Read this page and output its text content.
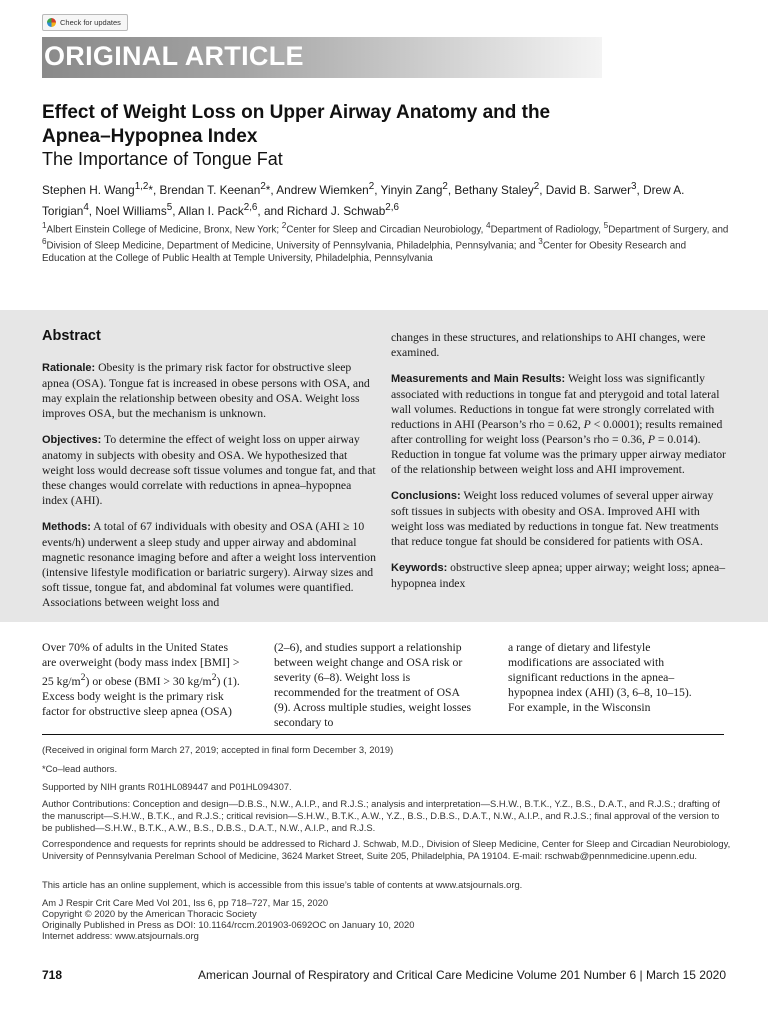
Check for updates
ORIGINAL ARTICLE
Effect of Weight Loss on Upper Airway Anatomy and the
Apnea–Hypopnea Index
The Importance of Tongue Fat
Stephen H. Wang$^{1,2}$*, Brendan T. Keenan$^2$*, Andrew Wiemken$^2$, Yinyin Zang$^2$, Bethany Staley$^2$, David B. Sarwer$^3$, Drew A. Torigian$^4$, Noel Williams$^5$, Allan I. Pack$^{2,6}$, and Richard J. Schwab$^{2,6}$
$^1$Albert Einstein College of Medicine, Bronx, New York; $^2$Center for Sleep and Circadian Neurobiology, $^4$Department of Radiology, $^5$Department of Surgery, and $^6$Division of Sleep Medicine, Department of Medicine, University of Pennsylvania, Philadelphia, Pennsylvania; and $^3$Center for Obesity Research and Education at the College of Public Health at Temple University, Philadelphia, Pennsylvania
Abstract

Rationale: Obesity is the primary risk factor for obstructive sleep apnea (OSA). Tongue fat is increased in obese persons with OSA, and may explain the relationship between obesity and OSA. Weight loss improves OSA, but the mechanism is unknown.

Objectives: To determine the effect of weight loss on upper airway anatomy in subjects with obesity and OSA. We hypothesized that weight loss would decrease soft tissue volumes and tongue fat, and that these changes would correlate with reductions in apnea–hypopnea index (AHI).

Methods: A total of 67 individuals with obesity and OSA (AHI ≥ 10 events/h) underwent a sleep study and upper airway and abdominal magnetic resonance imaging before and after a weight loss intervention (intensive lifestyle modification or bariatric surgery). Airway sizes and soft tissue, tongue fat, and abdominal fat volumes were quantified. Associations between weight loss and

changes in these structures, and relationships to AHI changes, were examined.

Measurements and Main Results: Weight loss was significantly associated with reductions in tongue fat and pterygoid and total lateral wall volumes. Reductions in tongue fat were strongly correlated with reductions in AHI (Pearson’s rho = 0.62, P < 0.0001); results remained after controlling for weight loss (Pearson’s rho = 0.36, P = 0.014). Reduction in tongue fat volume was the primary upper airway mediator of the relationship between weight loss and AHI improvement.

Conclusions: Weight loss reduced volumes of several upper airway soft tissues in subjects with obesity and OSA. Improved AHI with weight loss was mediated by reductions in tongue fat. New treatments that reduce tongue fat should be considered for patients with OSA.

Keywords: obstructive sleep apnea; upper airway; weight loss; apnea–hypopnea index

Over 70% of adults in the United States are overweight (body mass index [BMI] > 25 $kg/m^2$) or obese (BMI > 30 $kg/m^2$) (1). Excess body weight is the primary risk factor for obstructive sleep apnea (OSA)

(2–6), and studies support a relationship between weight change and OSA risk or severity (6–8). Weight loss is recommended for the treatment of OSA (9). Across multiple studies, weight losses secondary to

a range of dietary and lifestyle modifications are associated with significant reductions in the apnea–hypopnea index (AHI) (3, 6–8, 10–15). For example, in the Wisconsin

(Received in original form March 27, 2019; accepted in final form December 3, 2019)

*Co–lead authors.

Supported by NIH grants R01HL089447 and P01HL094307.

Author Contributions: Conception and design—D.B.S., N.W., A.I.P., and R.J.S.; analysis and interpretation—S.H.W., B.T.K., Y.Z., B.S., D.A.T., and R.J.S.; drafting of the manuscript—S.H.W., B.T.K., and R.J.S.; critical revision—S.H.W., B.T.K., A.W., Y.Z., B.S., D.B.S., D.A.T., N.W., A.I.P., and R.J.S.; final approval of the version to be published—S.H.W., B.T.K., A.W., B.S., D.B.S., D.A.T., N.W., A.I.P., and R.J.S.

Correspondence and requests for reprints should be addressed to Richard J. Schwab, M.D., Division of Sleep Medicine, Center for Sleep and Circadian Neurobiology, University of Pennsylvania Perelman School of Medicine, 3624 Market Street, Suite 205, Philadelphia, PA 19104. E-mail: rschwab@pennmedicine.upenn.edu.

This article has an online supplement, which is accessible from this issue’s table of contents at www.atsjournals.org.

Am J Respir Crit Care Med Vol 201, Iss 6, pp 718–727, Mar 15, 2020

Copyright © 2020 by the American Thoracic Society

Originally Published in Press as DOI: 10.1164/rccm.201903-0692OC on January 10, 2020

Internet address: www.atsjournals.org

718	American Journal of Respiratory and Critical Care Medicine Volume 201 Number 6 | March 15 2020
